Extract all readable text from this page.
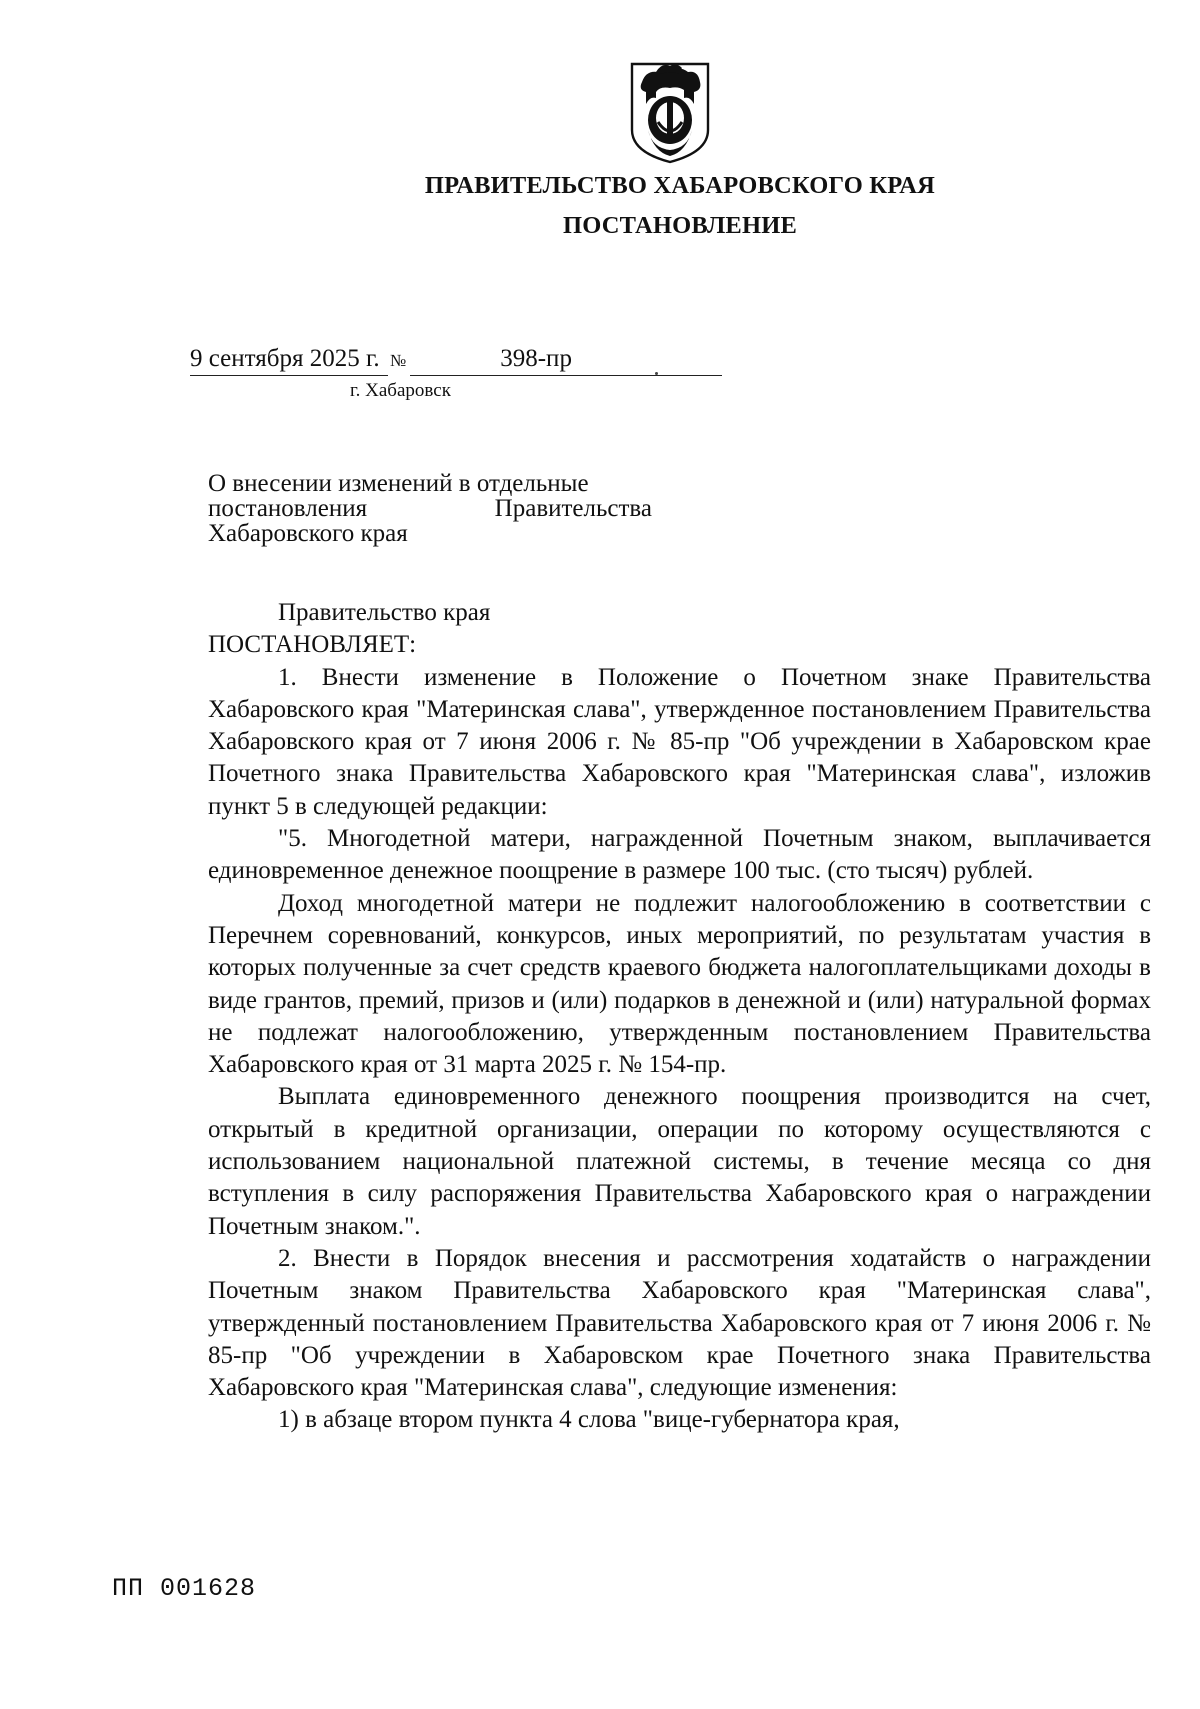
ПРАВИТЕЛЬСТВО ХАБАРОВСКОГО КРАЯ
ПОСТАНОВЛЕНИЕ
9 сентября 2025 г. №	398-пр
г. Хабаровск
О внесении изменений в отдельные
постановления Правительства
Хабаровского края

Правительство края

ПОСТАНОВЛЯЕТ:

1. Внести изменение в Положение о Почетном знаке Правительства Хабаровского края "Материнская слава", утвержденное постановлением Правительства Хабаровского края от 7 июня 2006 г. № 85-пр "Об учреждении в Хабаровском крае Почетного знака Правительства Хабаровского края "Материнская слава", изложив пункт 5 в следующей редакции:

"5. Многодетной матери, награжденной Почетным знаком, выплачивается единовременное денежное поощрение в размере 100 тыс. (сто тысяч) рублей.

Доход многодетной матери не подлежит налогообложению в соответствии с Перечнем соревнований, конкурсов, иных мероприятий, по результатам участия в которых полученные за счет средств краевого бюджета налогоплательщиками доходы в виде грантов, премий, призов и (или) подарков в денежной и (или) натуральной формах не подлежат налогообложению, утвержденным постановлением Правительства Хабаровского края от 31 марта 2025 г. № 154-пр.

Выплата единовременного денежного поощрения производится на счет, открытый в кредитной организации, операции по которому осуществляются с использованием национальной платежной системы, в течение месяца со дня вступления в силу распоряжения Правительства Хабаровского края о награждении Почетным знаком.".

2. Внести в Порядок внесения и рассмотрения ходатайств о награждении Почетным знаком Правительства Хабаровского края "Материнская слава", утвержденный постановлением Правительства Хабаровского края от 7 июня 2006 г. № 85-пр "Об учреждении в Хабаровском крае Почетного знака Правительства Хабаровского края "Материнская слава", следующие изменения:

1) в абзаце втором пункта 4 слова "вице-губернатора края,

ПП 001628
